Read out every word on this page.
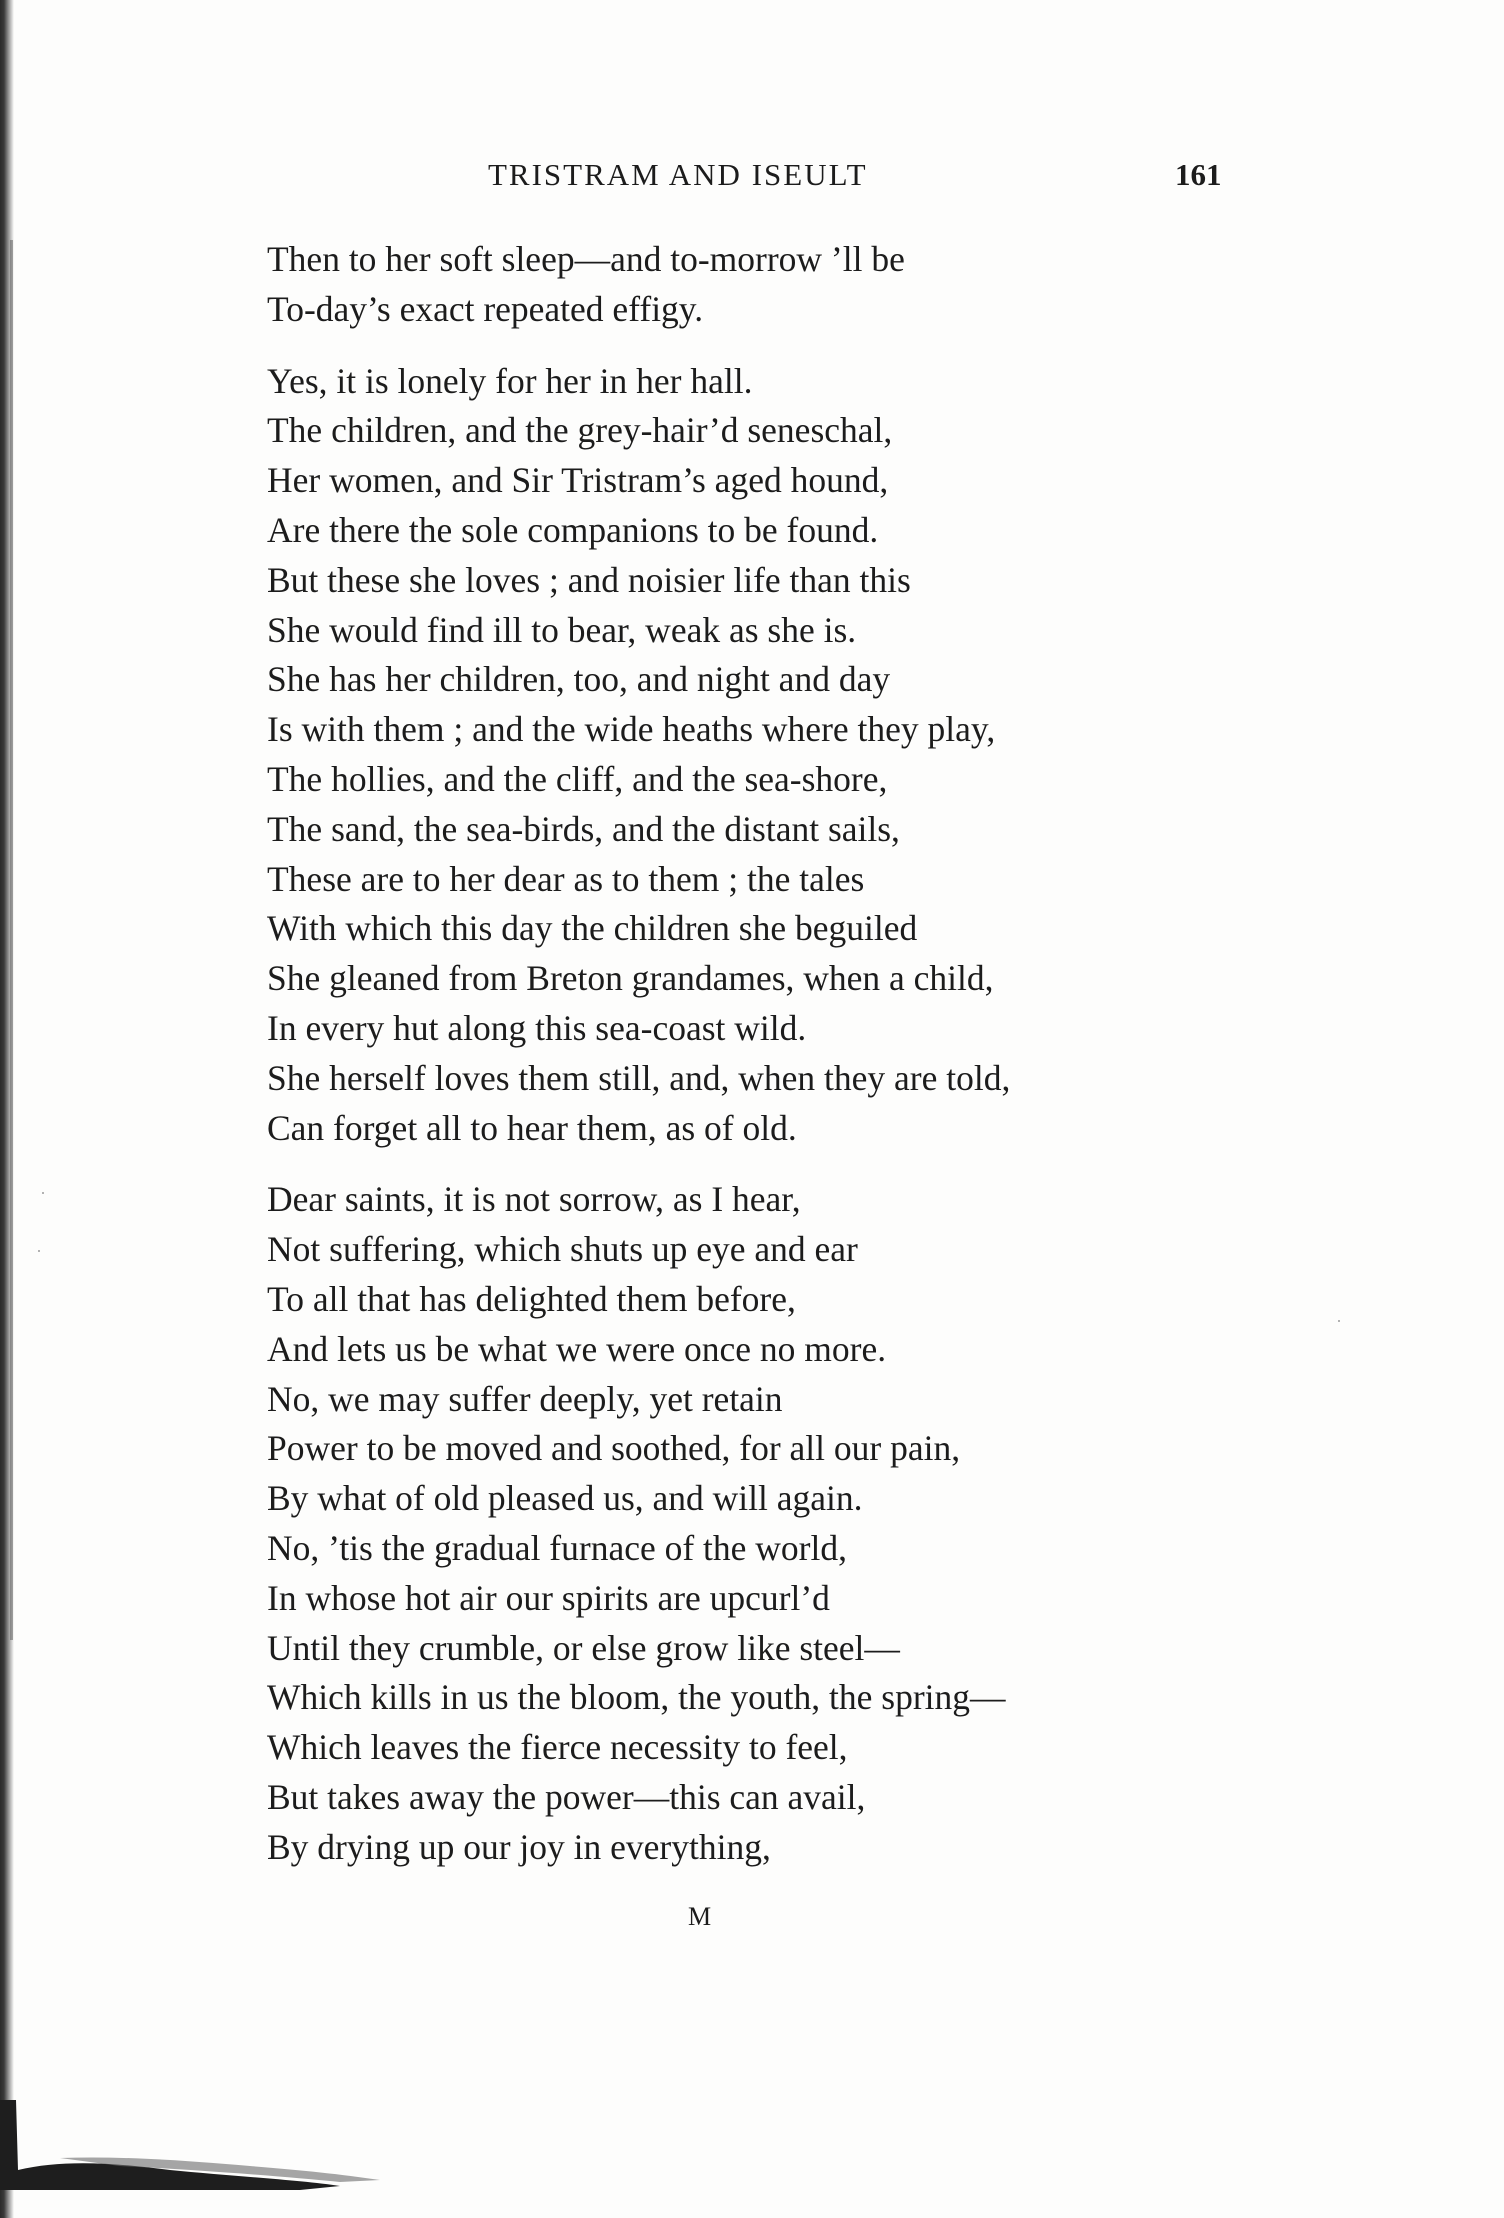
TRISTRAM AND ISEULT	161
Then to her soft sleep—and to-morrow ’ll be
To-day’s exact repeated effigy.
Yes, it is lonely for her in her hall.
The children, and the grey-hair’d seneschal,
Her women, and Sir Tristram’s aged hound,
Are there the sole companions to be found.
But these she loves ; and noisier life than this
She would find ill to bear, weak as she is.
She has her children, too, and night and day
Is with them ; and the wide heaths where they play,
The hollies, and the cliff, and the sea-shore,
The sand, the sea-birds, and the distant sails,
These are to her dear as to them ; the tales
With which this day the children she beguiled
She gleaned from Breton grandames, when a child,
In every hut along this sea-coast wild.
She herself loves them still, and, when they are told,
Can forget all to hear them, as of old.
Dear saints, it is not sorrow, as I hear,
Not suffering, which shuts up eye and ear
To all that has delighted them before,
And lets us be what we were once no more.
No, we may suffer deeply, yet retain
Power to be moved and soothed, for all our pain,
By what of old pleased us, and will again.
No, ’tis the gradual furnace of the world,
In whose hot air our spirits are upcurl’d
Until they crumble, or else grow like steel—
Which kills in us the bloom, the youth, the spring—
Which leaves the fierce necessity to feel,
But takes away the power—this can avail,
By drying up our joy in everything,
M
